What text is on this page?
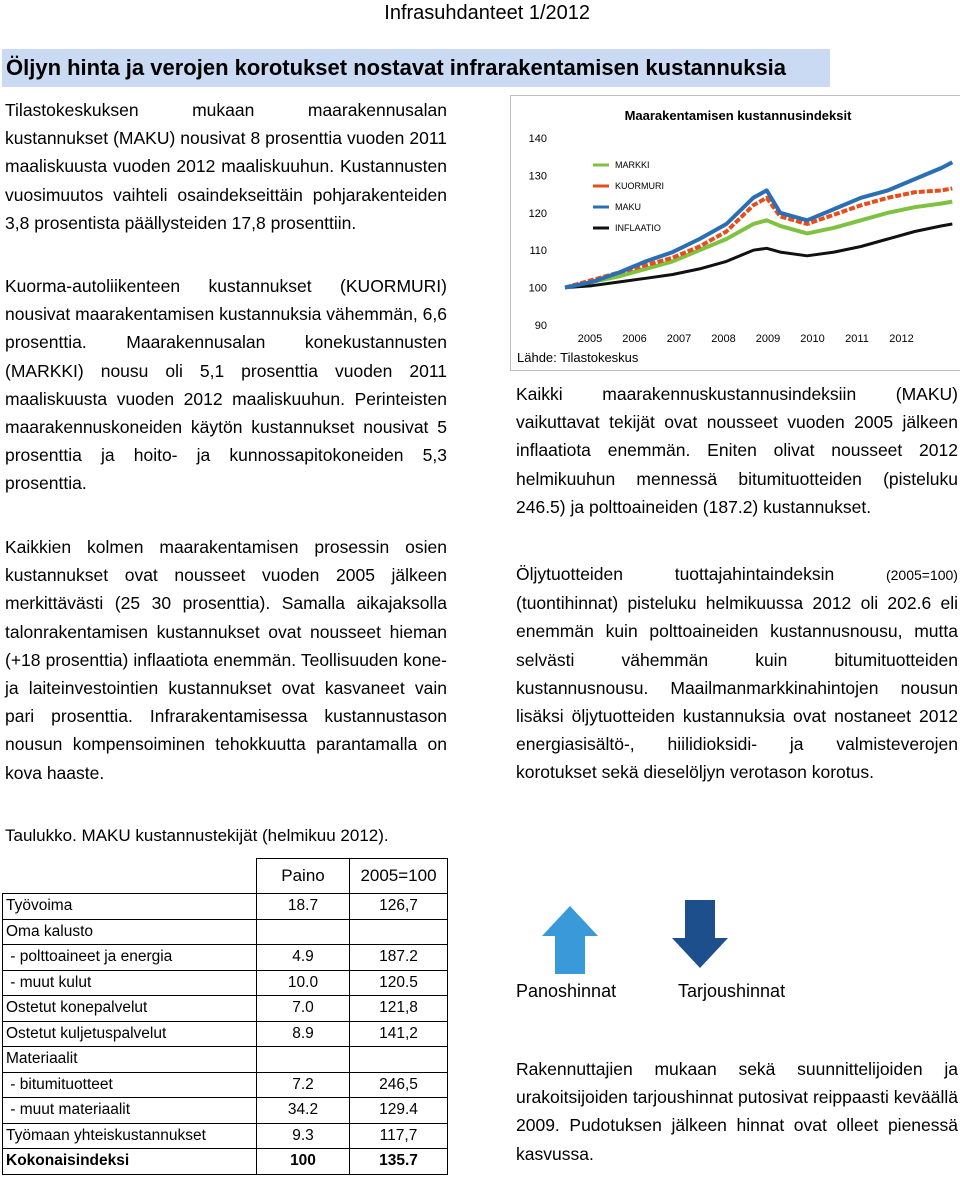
Infrasuhdanteet 1/2012
Öljyn hinta ja verojen korotukset nostavat infrarakentamisen kustannuksia
Tilastokeskuksen mukaan maarakennusalan kustannukset (MAKU) nousivat 8 prosenttia vuoden 2011 maaliskuusta vuoden 2012 maaliskuuhun. Kustannusten vuosimuutos vaihteli osaindekseittäin pohjarakenteiden 3,8 prosentista päällysteiden 17,8 prosenttiin.
Kuorma-autoliikenteen kustannukset (KUORMURI) nousivat maarakentamisen kustannuksia vähemmän, 6,6 prosenttia. Maarakennusalan konekustannusten (MARKKI) nousu oli 5,1 prosenttia vuoden 2011 maaliskuusta vuoden 2012 maaliskuuhun. Perinteisten maarakennuskoneiden käytön kustannukset nousivat 5 prosenttia ja hoito- ja kunnossapitokoneiden 5,3 prosenttia.
Kaikkien kolmen maarakentamisen prosessin osien kustannukset ovat nousseet vuoden 2005 jälkeen merkittävästi (25 30 prosenttia). Samalla aikajaksolla talonrakentamisen kustannukset ovat nousseet hieman (+18 prosenttia) inflaatiota enemmän. Teollisuuden kone- ja laiteinvestointien kustannukset ovat kasvaneet vain pari prosenttia. Infrarakentamisessa kustannustason nousun kompensoiminen tehokkuutta parantamalla on kova haaste.
Taulukko. MAKU kustannustekijät (helmikuu 2012).
	Paino	2005=100
Työvoima	18.7	126,7
Oma kalusto		
- polttoaineet ja energia	4.9	187.2
- muut kulut	10.0	120.5
Ostetut konepalvelut	7.0	121,8
Ostetut kuljetuspalvelut	8.9	141,2
Materiaalit		
- bitumituotteet	7.2	246,5
- muut materiaalit	34.2	129.4
Työmaan yhteiskustannukset	9.3	117,7
Kokonaisindeksi	100	135.7
Maarakentamisen kustannusindeksit
140
130
120
110
100
90
2005 2006 2007 2008 2009 2010 2011 2012
MARKKI
KUORMURI
MAKU
INFLAATIO
Lähde: Tilastokeskus
Kaikki maarakennuskustannusindeksiin (MAKU) vaikuttavat tekijät ovat nousseet vuoden 2005 jälkeen inflaatiota enemmän. Eniten olivat nousseet 2012 helmikuuhun mennessä bitumituotteiden (pisteluku 246.5) ja polttoaineiden (187.2) kustannukset.
Öljytuotteiden tuottajahintaindeksin	(2005=100) (tuontihinnat) pisteluku helmikuussa 2012 oli 202.6 eli enemmän kuin polttoaineiden kustannusnousu, mutta selvästi vähemmän kuin bitumituotteiden kustannusnousu. Maailmanmarkkinahintojen nousun lisäksi öljytuotteiden kustannuksia ovat nostaneet 2012 energiasisältö-, hiilidioksidi- ja valmisteverojen korotukset sekä dieselöljyn verotason korotus.
Panoshinnat	Tarjoushinnat
Rakennuttajien mukaan sekä suunnittelijoiden ja urakoitsijoiden tarjoushinnat putosivat reippaasti keväällä 2009. Pudotuksen jälkeen hinnat ovat olleet pienessä kasvussa.
